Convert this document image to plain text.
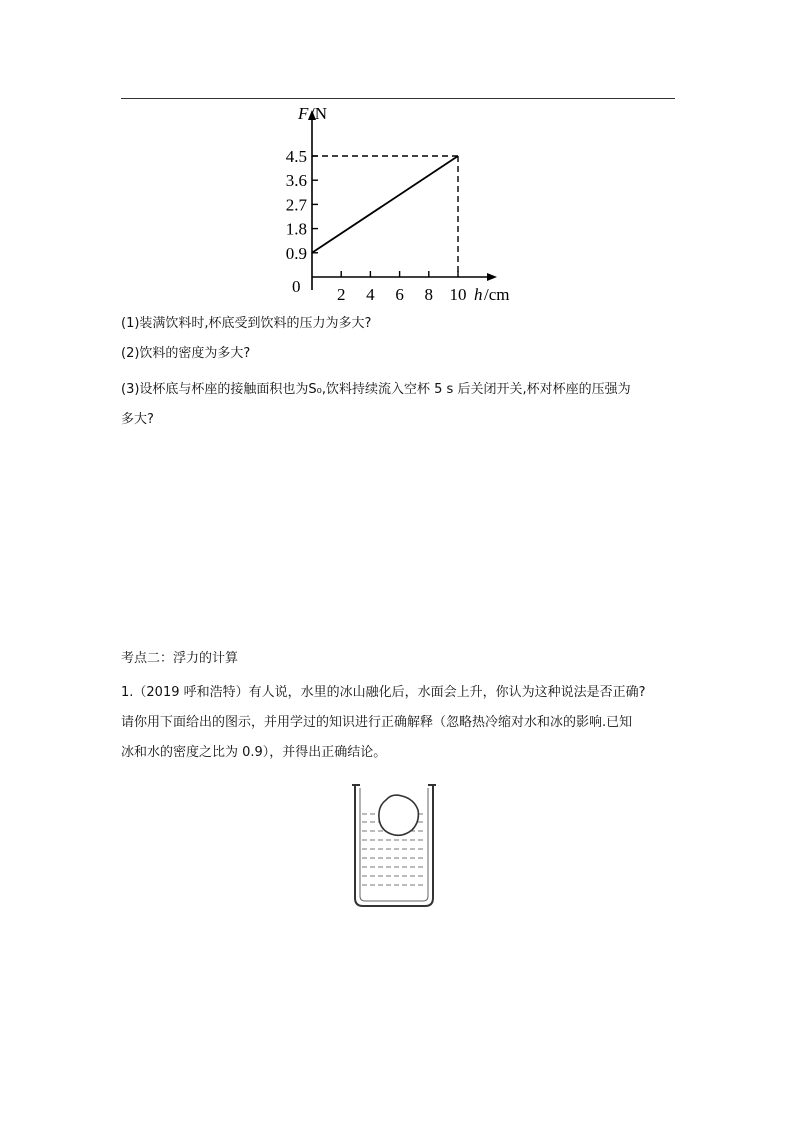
F /N
h /cm
0 2 4 6 8 10
0.9
1.8
2.7
3.6
4.5
(1)装满饮料时,杯底受到饮料的压力为多大?
(2)饮料的密度为多大?
(3)设杯底与杯座的接触面积也为S₀,饮料持续流入空杯 5 s 后关闭开关,杯对杯座的压强为
多大?
考点二：浮力的计算

1.（2019 呼和浩特）有人说，水里的冰山融化后，水面会上升，你认为这种说法是否正确?

请你用下面给出的图示，并用学过的知识进行正确解释（忽略热冷缩对水和冰的影响.已知

冰和水的密度之比为 0.9），并得出正确结论。
